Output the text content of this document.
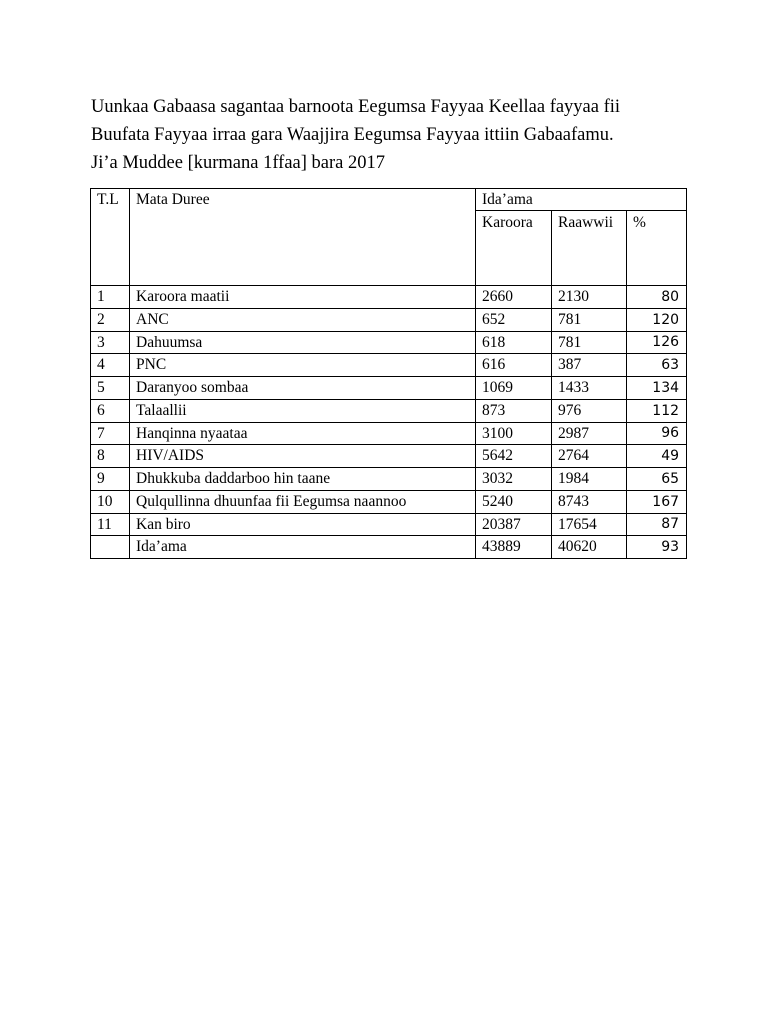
Uunkaa Gabaasa sagantaa barnoota Eegumsa Fayyaa Keellaa fayyaa fii
Buufata Fayyaa irraa gara Waajjira Eegumsa Fayyaa ittiin Gabaafamu.
Ji’a Muddee [kurmana 1ffaa] bara 2017

T.L	Mata Duree	Ida’ama		
		Karoora	Raawwii	%
1	Karoora maatii	2660	2130	80
2	ANC	652	781	120
3	Dahuumsa	618	781	126
4	PNC	616	387	63
5	Daranyoo sombaa	1069	1433	134
6	Talaallii	873	976	112
7	Hanqinna nyaataa	3100	2987	96
8	HIV/AIDS	5642	2764	49
9	Dhukkuba daddarboo hin taane	3032	1984	65
10	Qulqullinna dhuunfaa fii Eegumsa naannoo	5240	8743	167
11	Kan biro	20387	17654	87
	Ida’ama	43889	40620	93
